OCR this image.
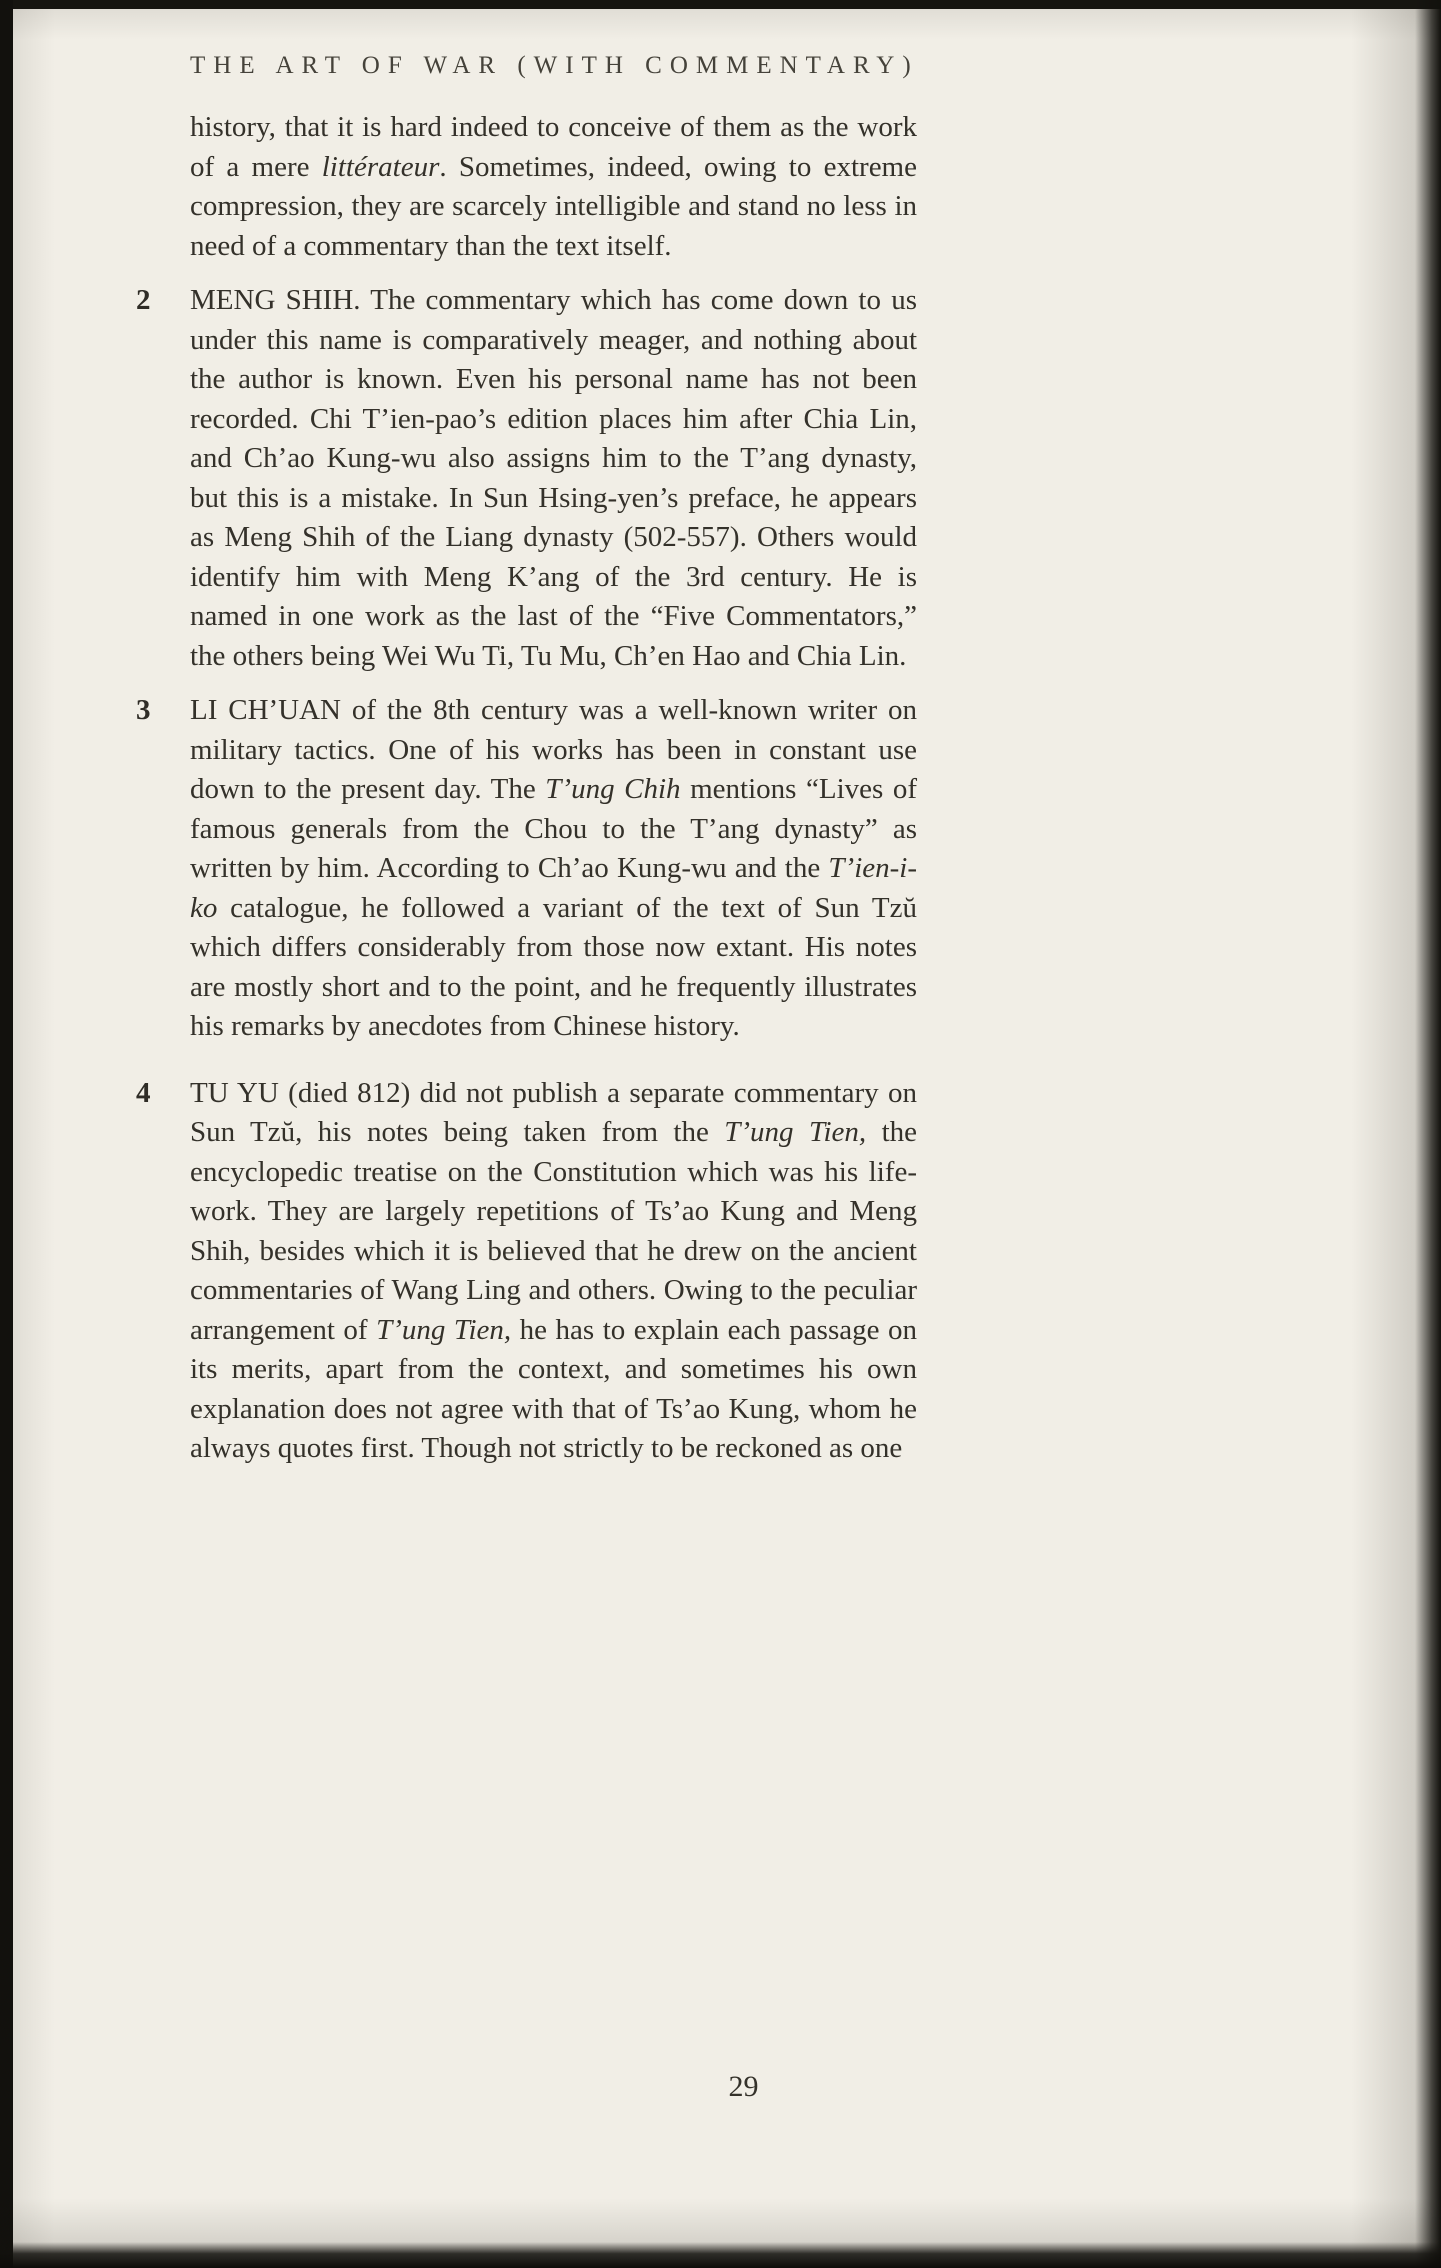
THE ART OF WAR (WITH COMMENTARY)

history, that it is hard indeed to conceive of them as the work of a mere littérateur. Sometimes, indeed, owing to extreme compression, they are scarcely intelligible and stand no less in need of a commentary than the text itself.

2 MENG SHIH. The commentary which has come down to us under this name is comparatively meager, and nothing about the author is known. Even his personal name has not been recorded. Chi T’ien-pao’s edition places him after Chia Lin, and Ch’ao Kung-wu also assigns him to the T’ang dynasty, but this is a mistake. In Sun Hsing-yen’s preface, he appears as Meng Shih of the Liang dynasty (502-557). Others would identify him with Meng K’ang of the 3rd century. He is named in one work as the last of the “Five Commentators,” the others being Wei Wu Ti, Tu Mu, Ch’en Hao and Chia Lin.

3 LI CH’UAN of the 8th century was a well-known writer on military tactics. One of his works has been in constant use down to the present day. The T’ung Chih mentions “Lives of famous generals from the Chou to the T’ang dynasty” as written by him. According to Ch’ao Kung-wu and the T’ien-i-ko catalogue, he followed a variant of the text of Sun Tzŭ which differs considerably from those now extant. His notes are mostly short and to the point, and he frequently illustrates his remarks by anecdotes from Chinese history.

4 TU YU (died 812) did not publish a separate commentary on Sun Tzŭ, his notes being taken from the T’ung Tien, the encyclopedic treatise on the Constitution which was his life-work. They are largely repetitions of Ts’ao Kung and Meng Shih, besides which it is believed that he drew on the ancient commentaries of Wang Ling and others. Owing to the peculiar arrangement of T’ung Tien, he has to explain each passage on its merits, apart from the context, and sometimes his own explanation does not agree with that of Ts’ao Kung, whom he always quotes first. Though not strictly to be reckoned as one

29
